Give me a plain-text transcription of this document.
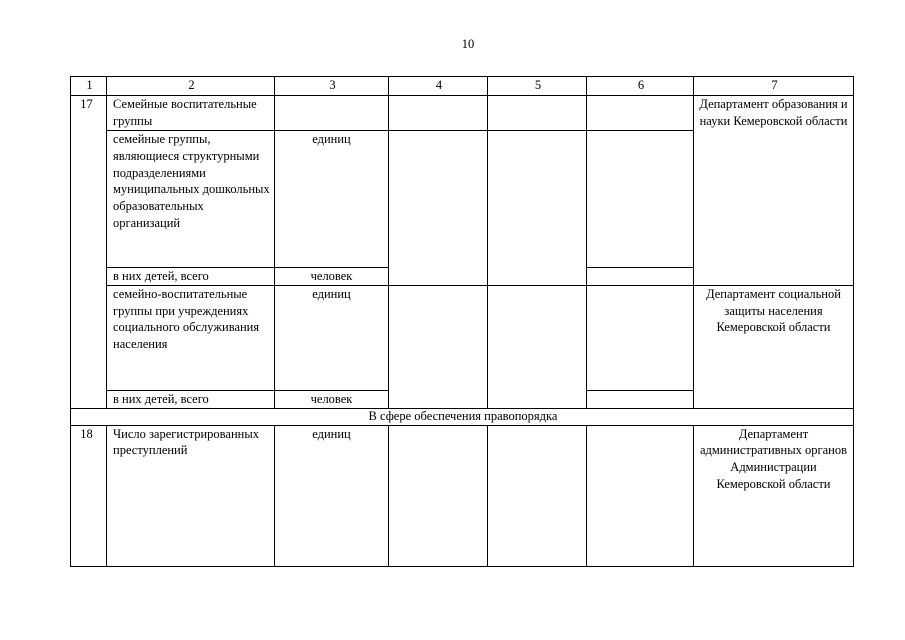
10
1	2	3	4	5	6	7
17	Семейные воспитательные группы					Департамент образования и науки Кемеровской области
	семейные группы, являющиеся структурными подразделениями муниципальных дошкольных образовательных организаций	единиц				
	в них детей, всего	человек				
	семейно-воспитательные группы при учреждениях социального обслуживания населения	единиц				Департамент социальной защиты населения Кемеровской области
	в них детей, всего	человек				
В сфере обеспечения правопорядка						
18	Число зарегистрированных преступлений	единиц				Департамент административных органов Администрации Кемеровской области
